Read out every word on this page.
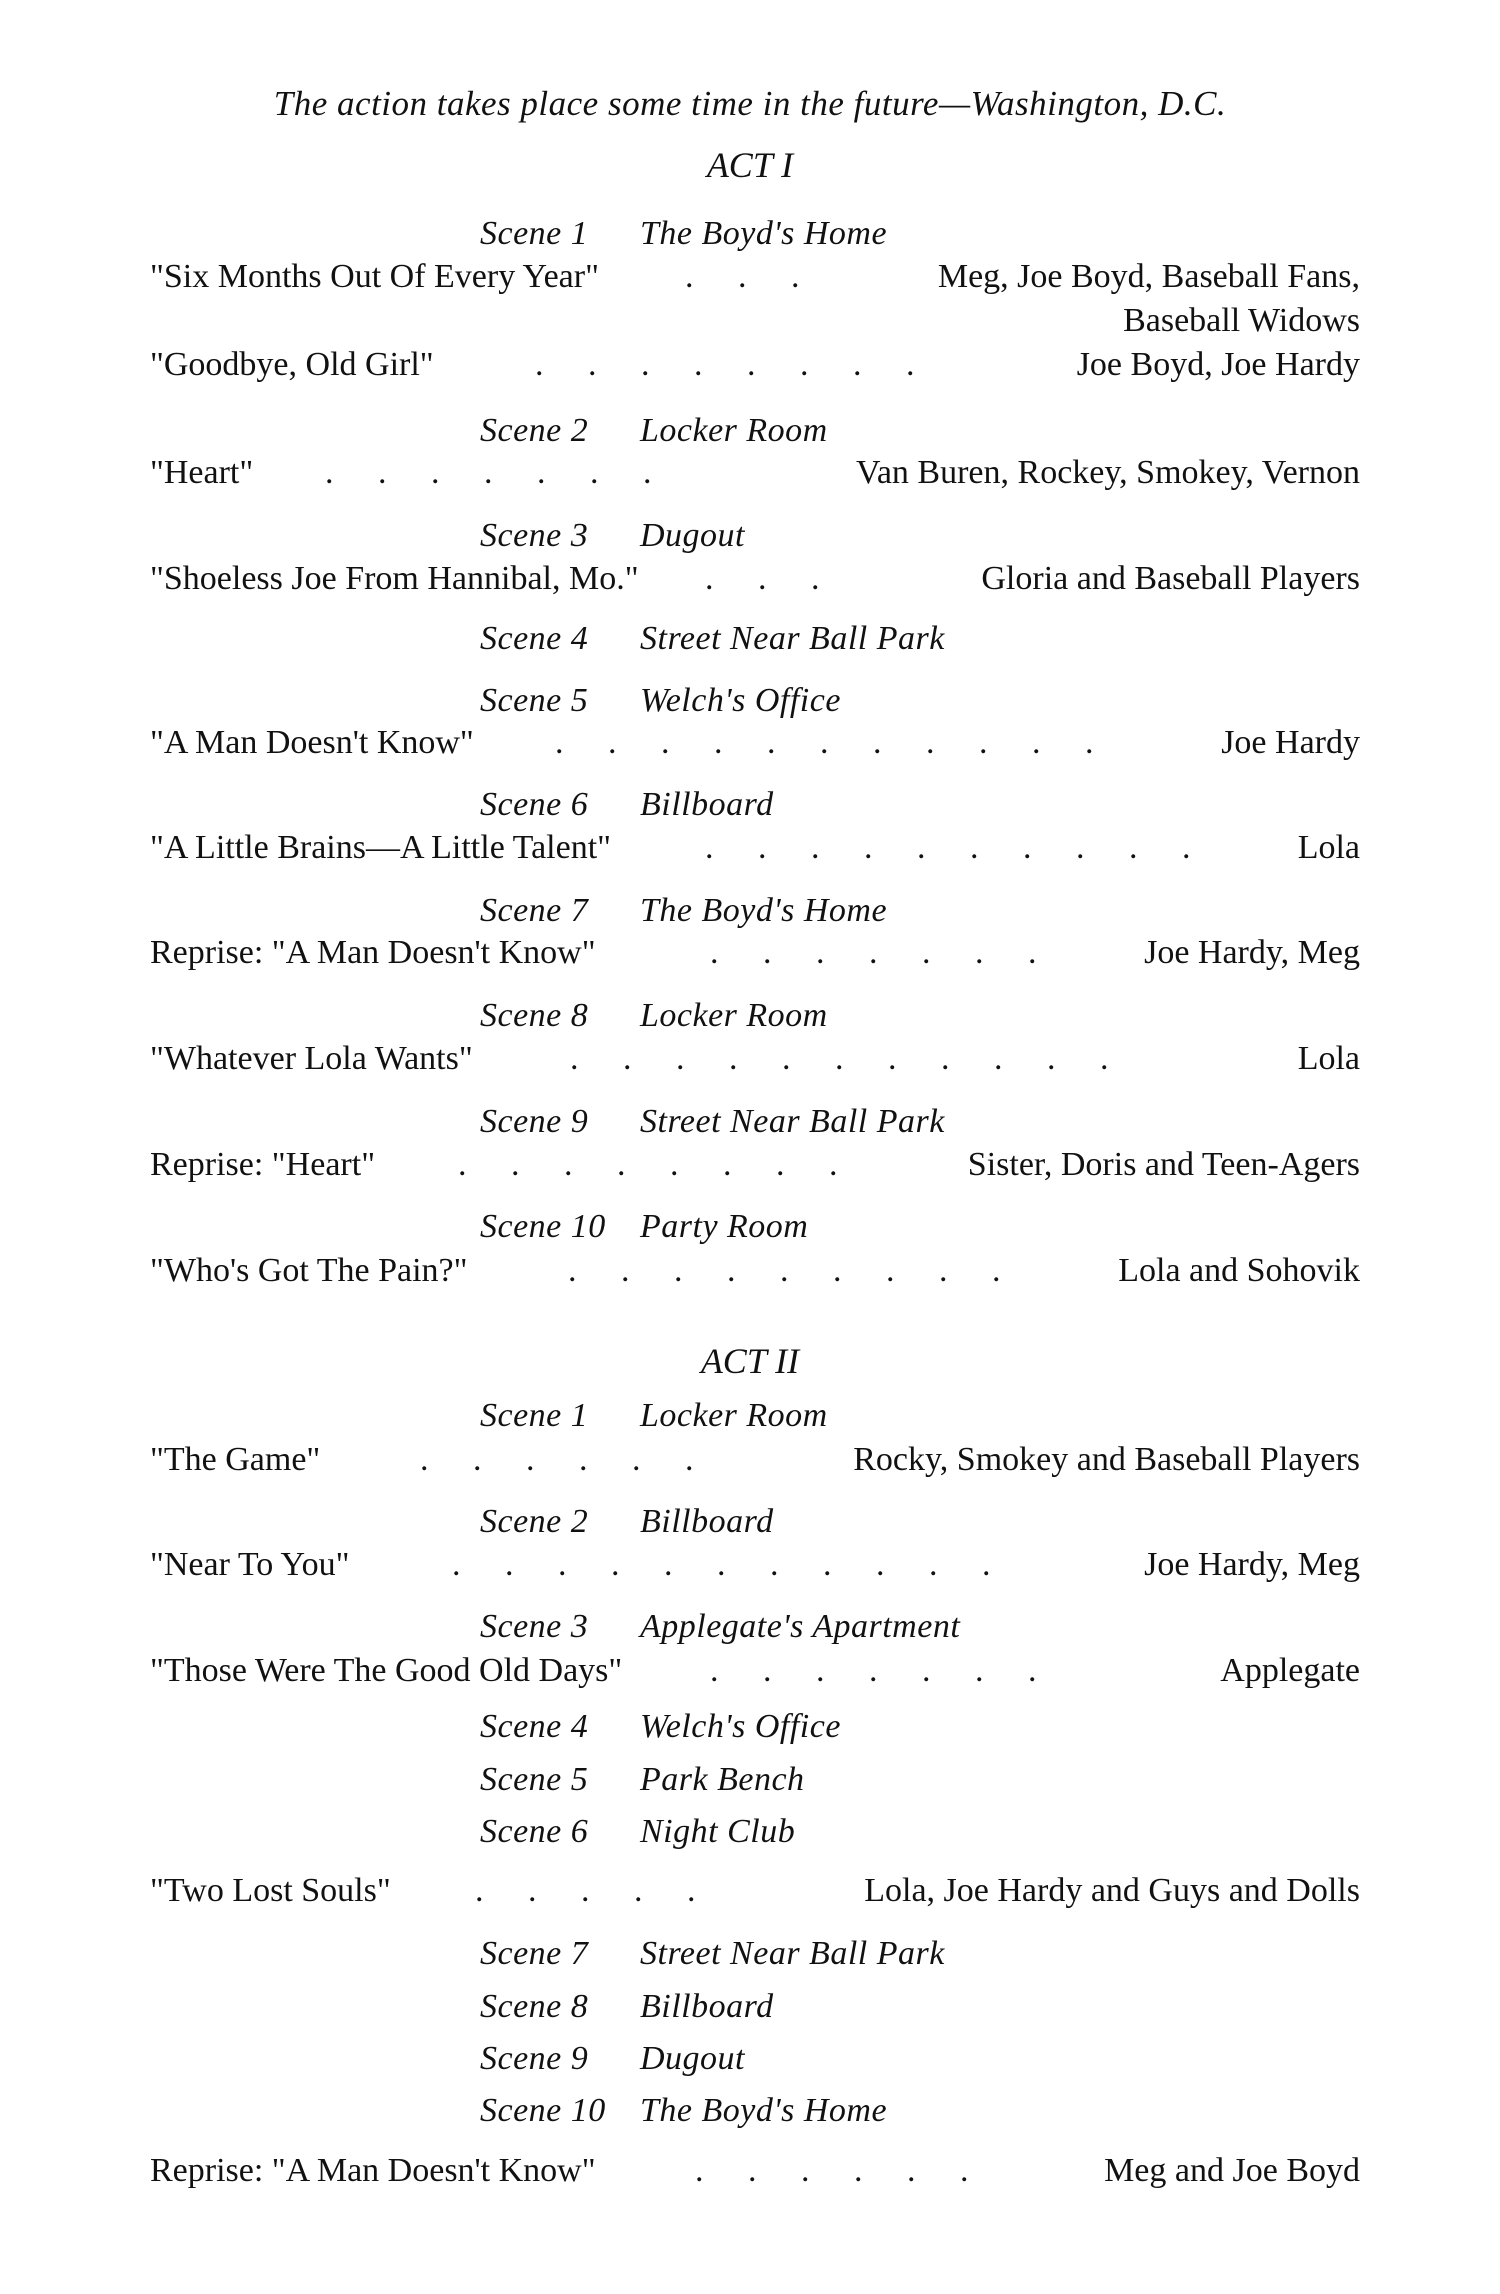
The action takes place some time in the future—Washington, D.C.
ACT I
Scene 1 The Boyd's Home
"Six Months Out Of Every Year"	. . .	Meg, Joe Boyd, Baseball Fans,
Baseball Widows
"Goodbye, Old Girl"	. . . . . . . .	Joe Boyd, Joe Hardy
Scene 2 Locker Room
"Heart" . . . . . . .	Van Buren, Rockey, Smokey, Vernon
Scene 3 Dugout
"Shoeless Joe From Hannibal, Mo." . . .	Gloria and Baseball Players
Scene 4 Street Near Ball Park
Scene 5 Welch's Office
"A Man Doesn't Know" . . . . . . . . . . .	Joe Hardy
Scene 6 Billboard
"A Little Brains—A Little Talent"	. . . . . . . . . .	Lola
Scene 7 The Boyd's Home
Reprise: "A Man Doesn't Know"	. . . . . . .	Joe Hardy, Meg
Scene 8 Locker Room
"Whatever Lola Wants"	. . . . . . . . . . .	Lola
Scene 9 Street Near Ball Park
Reprise: "Heart" . . . . . . . .	Sister, Doris and Teen-Agers
Scene 10 Party Room
"Who's Got The Pain?"	. . . . . . . . .	Lola and Sohovik
ACT II
Scene 1 Locker Room
"The Game"	. . . . . .	Rocky, Smokey and Baseball Players
Scene 2 Billboard
"Near To You"	. . . . . . . . . . .	Joe Hardy, Meg
Scene 3 Applegate's Apartment
"Those Were The Good Old Days"	. . . . . . .	Applegate
Scene 4 Welch's Office
Scene 5 Park Bench
Scene 6 Night Club
"Two Lost Souls" . . . . .	Lola, Joe Hardy and Guys and Dolls
Scene 7 Street Near Ball Park
Scene 8 Billboard
Scene 9 Dugout
Scene 10 The Boyd's Home
Reprise: "A Man Doesn't Know"	. . . . . .	Meg and Joe Boyd
